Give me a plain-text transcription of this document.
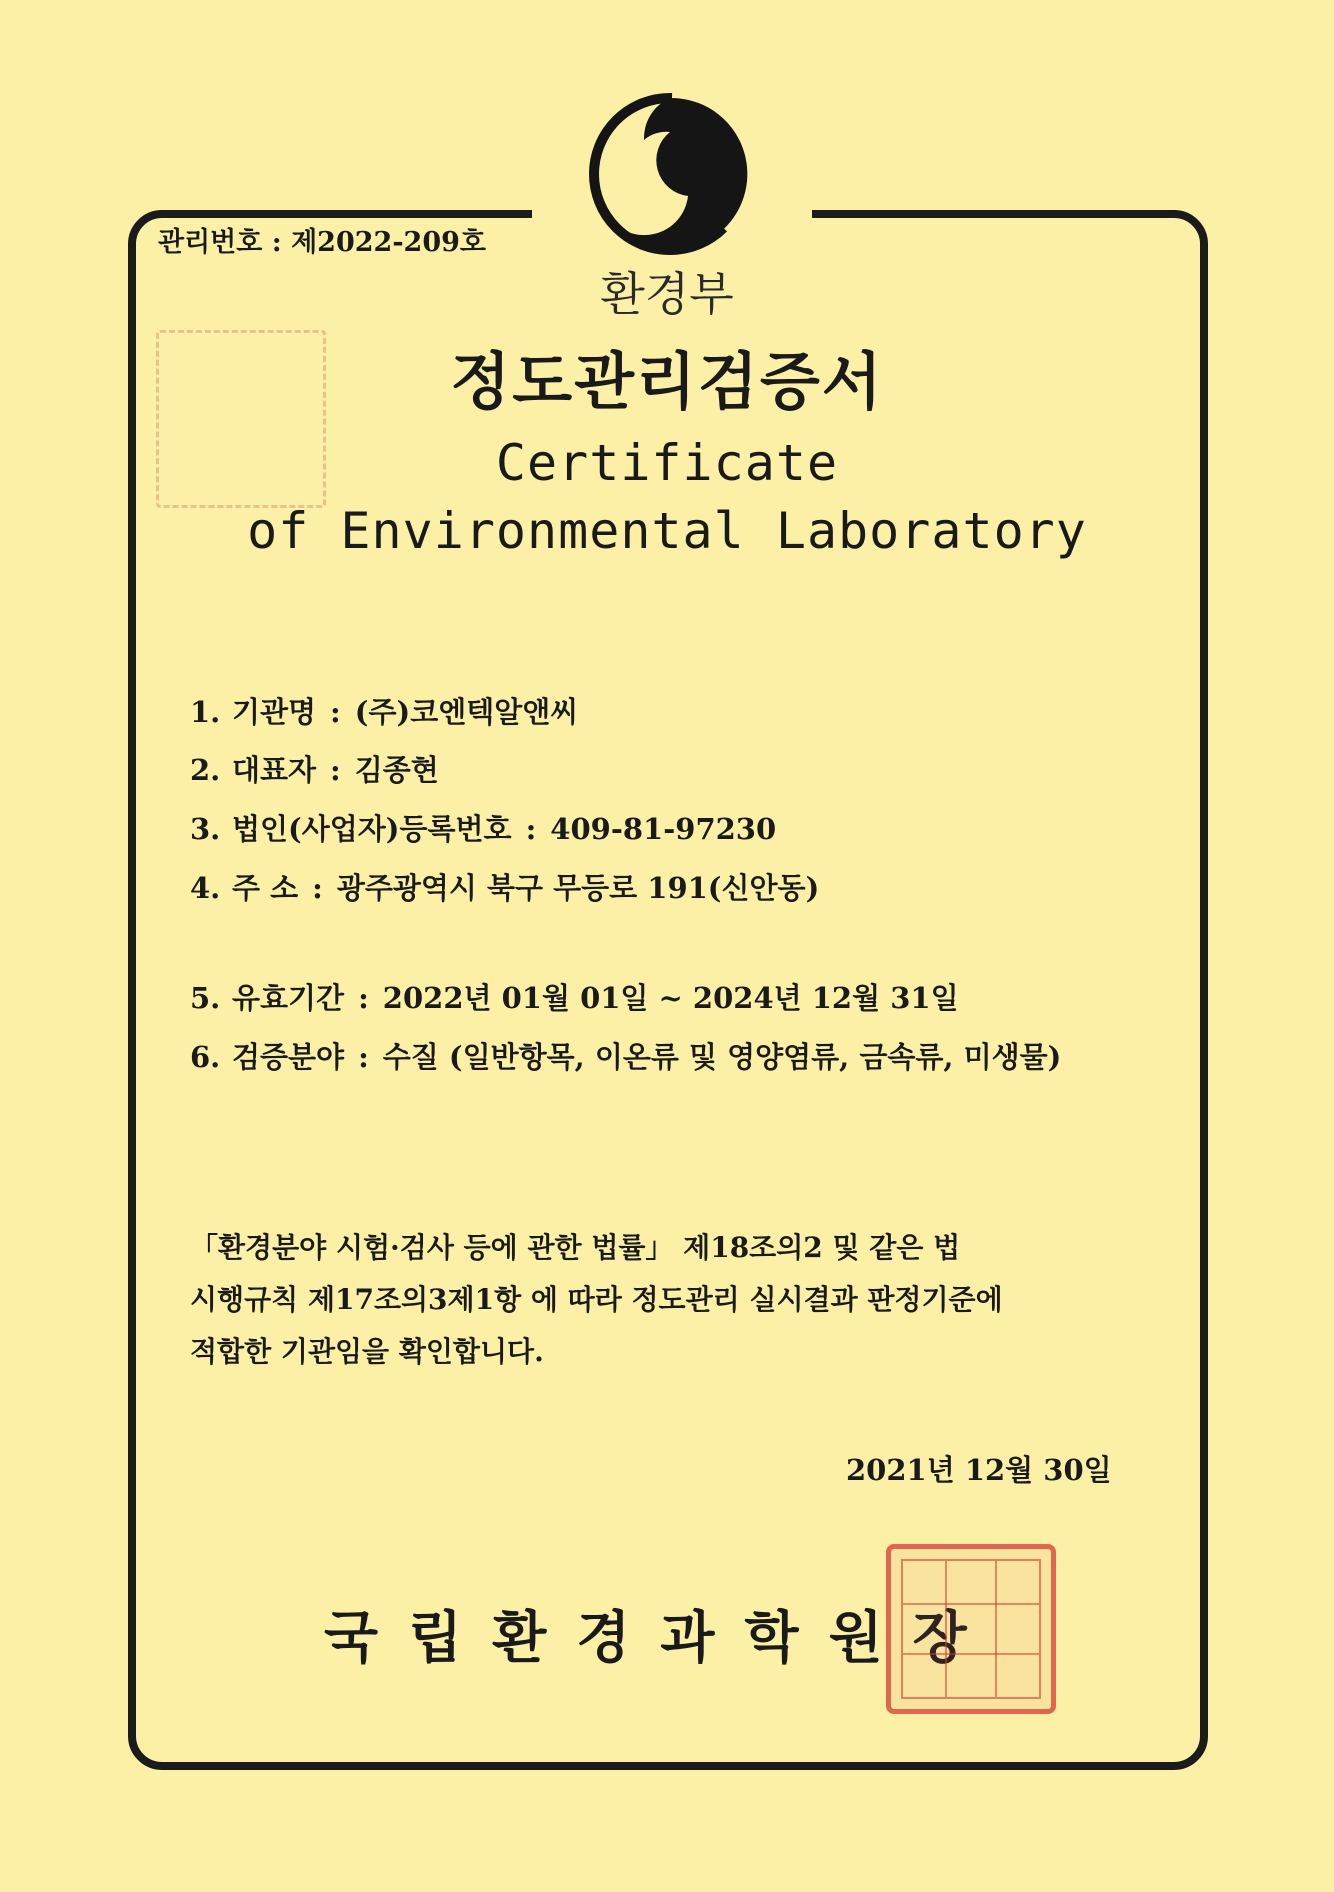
관리번호 : 제2022-209호
환경부
정도관리검증서
Certificate
of Environmental Laboratory
1. 기관명 : (주)코엔텍알앤씨
2. 대표자 : 김종현
3. 법인(사업자)등록번호 : 409-81-97230
4. 주 소 : 광주광역시 북구 무등로 191(신안동)
5. 유효기간 : 2022년 01월 01일 ~ 2024년 12월 31일
6. 검증분야 : 수질 (일반항목, 이온류 및 영양염류, 금속류, 미생물)

「환경분야 시험·검사 등에 관한 법률」 제18조의2 및 같은 법

시행규칙 제17조의3제1항 에 따라 정도관리 실시결과 판정기준에

적합한 기관임을 확인합니다.

2021년 12월 30일
국립환경과학원장
